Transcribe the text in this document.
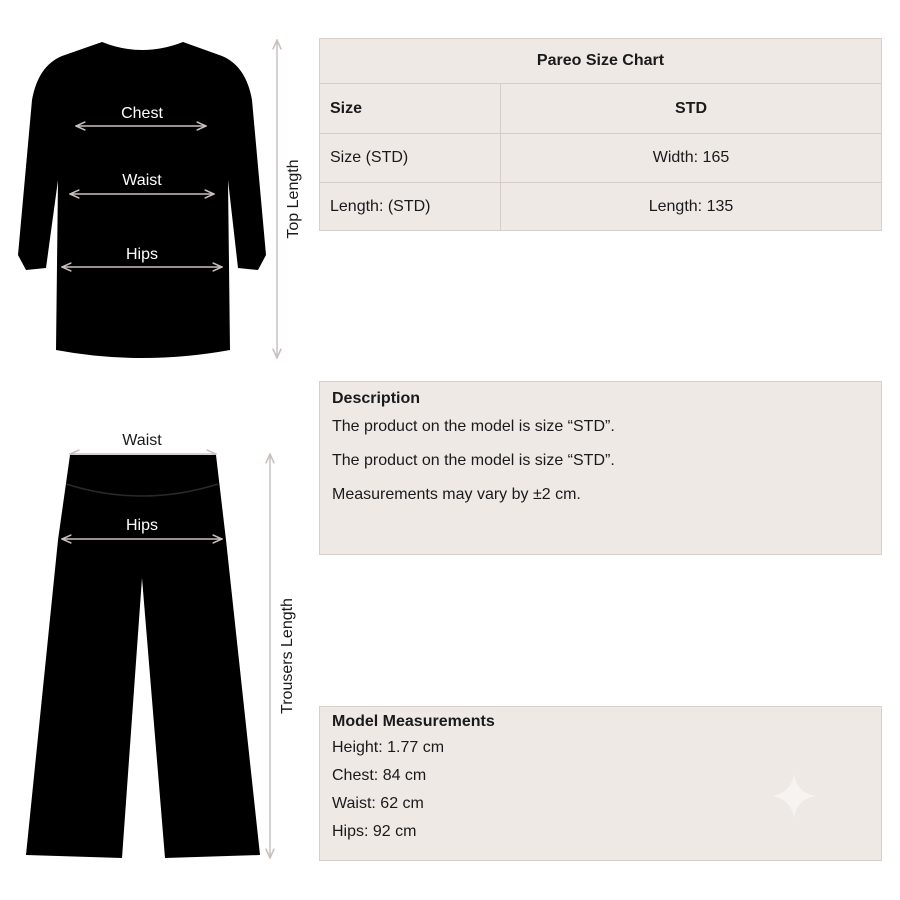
Chest
Waist
Hips
Top Length
Waist
Hips
Trousers Length
Pareo Size Chart
Size	STD
Size (STD)	Width: 165
Length: (STD)	Length: 135
Description
The product on the model is size “STD”.
The product on the model is size “STD”.
Measurements may vary by ±2 cm.
Model Measurements
Height: 1.77 cm
Chest: 84 cm
Waist: 62 cm
Hips: 92 cm
